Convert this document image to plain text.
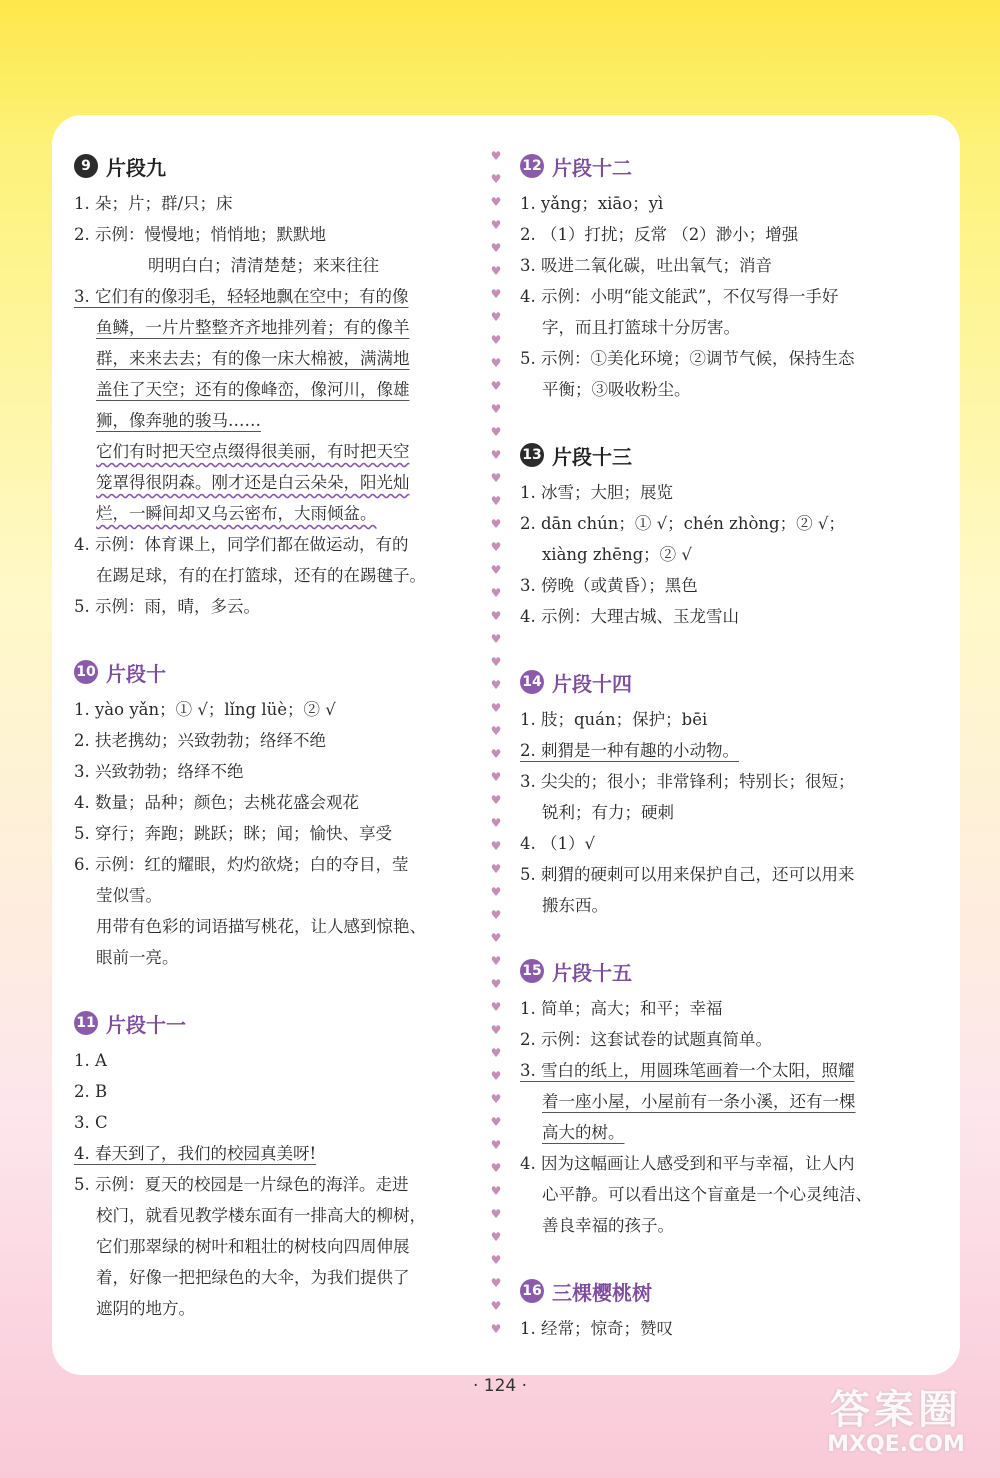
9 片段九
1. 朵；片；群/只；床
2. 示例：慢慢地；悄悄地；默默地
明明白白；清清楚楚；来来往往
3. 它们有的像羽毛，轻轻地飘在空中；有的像
鱼鳞，一片片整整齐齐地排列着；有的像羊
群，来来去去；有的像一床大棉被，满满地
盖住了天空；还有的像峰峦，像河川，像雄
狮，像奔驰的骏马……
它们有时把天空点缀得很美丽，有时把天空
笼罩得很阴森。刚才还是白云朵朵，阳光灿
烂，一瞬间却又乌云密布，大雨倾盆。
4. 示例：体育课上，同学们都在做运动，有的
在踢足球，有的在打篮球，还有的在踢毽子。
5. 示例：雨，晴，多云。
10 片段十
1. yào yǎn；① √；lǐng lüè；② √
2. 扶老携幼；兴致勃勃；络绎不绝
3. 兴致勃勃；络绎不绝
4. 数量；品种；颜色；去桃花盛会观花
5. 穿行；奔跑；跳跃；眯；闻；愉快、享受
6. 示例：红的耀眼，灼灼欲烧；白的夺目，莹
莹似雪。
用带有色彩的词语描写桃花，让人感到惊艳、
眼前一亮。
11 片段十一
1. A
2. B
3. C
4. 春天到了，我们的校园真美呀!
5. 示例：夏天的校园是一片绿色的海洋。走进
校门，就看见教学楼东面有一排高大的柳树，
它们那翠绿的树叶和粗壮的树枝向四周伸展
着，好像一把把绿色的大伞，为我们提供了
遮阴的地方。
♥
♥
♥
♥
♥
♥
♥
♥
♥
♥
♥
♥
♥
♥
♥
♥
♥
♥
♥
♥
♥
♥
♥
♥
♥
♥
♥
♥
♥
♥
♥
♥
♥
♥
♥
♥
♥
♥
♥
♥
♥
♥
♥
♥
♥
♥
♥
♥
♥
♥
♥
♥
12 片段十二
1. yǎng；xiāo；yì
2. （1）打扰；反常 （2）渺小；增强
3. 吸进二氧化碳，吐出氧气；消音
4. 示例：小明“能文能武”，不仅写得一手好
字，而且打篮球十分厉害。
5. 示例：①美化环境；②调节气候，保持生态
平衡；③吸收粉尘。
13 片段十三
1. 冰雪；大胆；展览
2. dān chún；① √；chén zhòng；② √；
xiàng zhēng；② √
3. 傍晚（或黄昏）；黑色
4. 示例：大理古城、玉龙雪山
14 片段十四
1. 肢；quán；保护；bēi
2. 刺猬是一种有趣的小动物。
3. 尖尖的；很小；非常锋利；特别长；很短；
锐利；有力；硬刺
4. （1）√
5. 刺猬的硬刺可以用来保护自己，还可以用来
搬东西。
15 片段十五
1. 简单；高大；和平；幸福
2. 示例：这套试卷的试题真简单。
3. 雪白的纸上，用圆珠笔画着一个太阳，照耀
着一座小屋，小屋前有一条小溪，还有一棵
高大的树。
4. 因为这幅画让人感受到和平与幸福，让人内
心平静。可以看出这个盲童是一个心灵纯洁、
善良幸福的孩子。
16 三棵樱桃树
1. 经常；惊奇；赞叹
· 124 ·
答案圈
MXQE.COM
